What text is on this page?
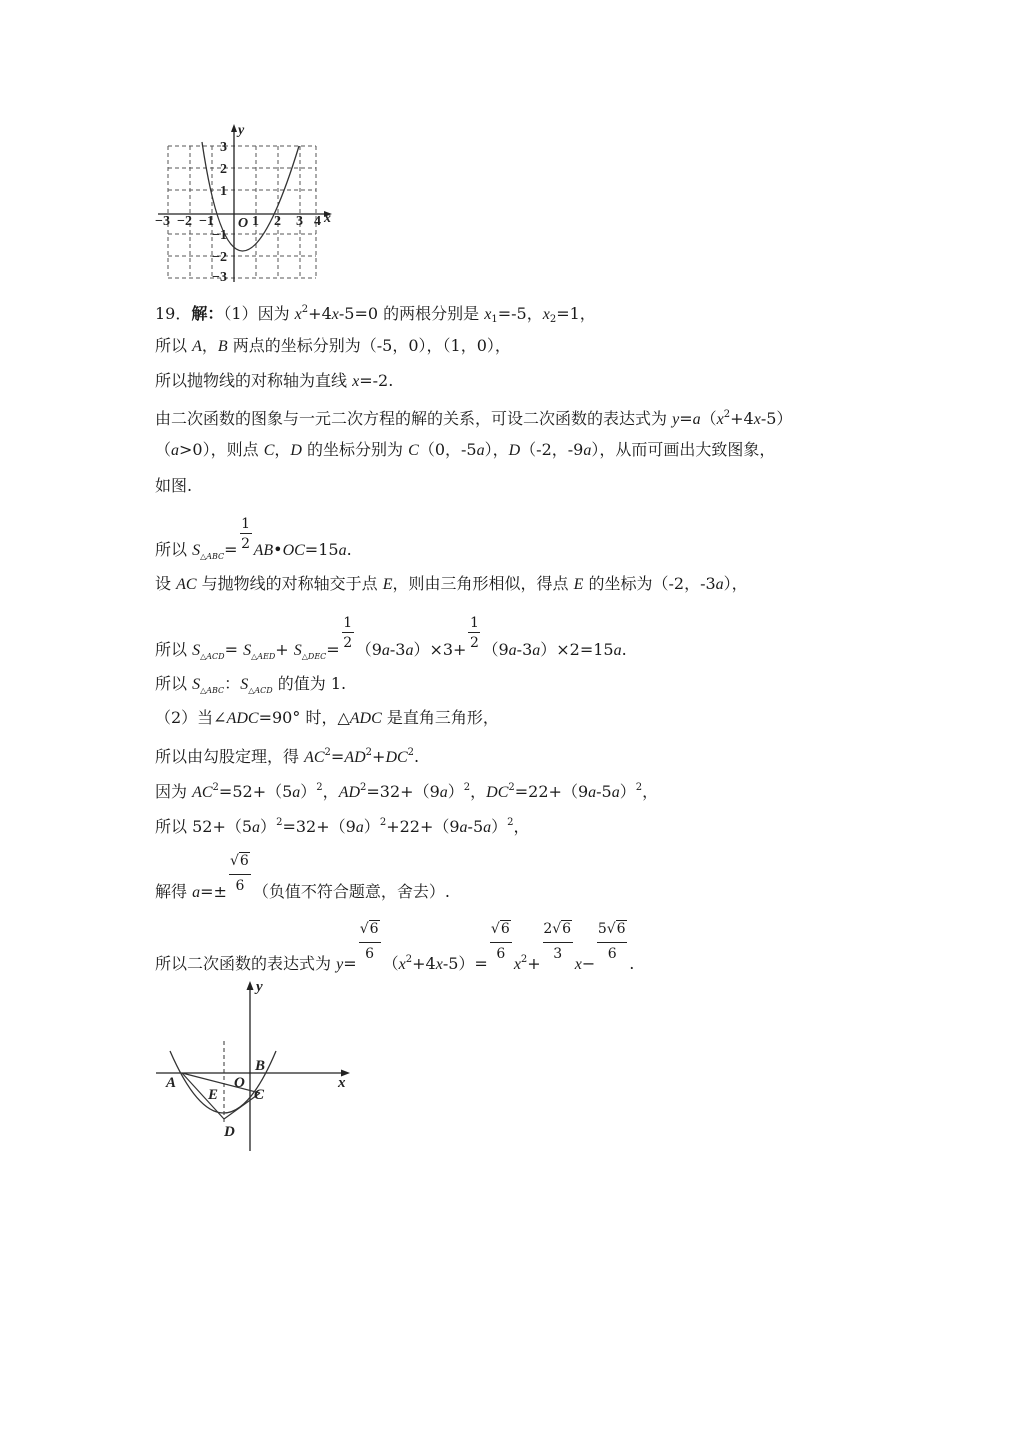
y
x
O
−3 −2 −1	1 2 3 4
3
2
1
−1
−2
−3
19．解：（1）因为 $x^2+4x-5=0$ 的两根分别是 $x_1=-5$，$x_2=1$，
所以 A，B 两点的坐标分别为（-5，0），（1，0），
所以抛物线的对称轴为直线 x=-2.
由二次函数的图象与一元二次方程的解的关系，可设二次函数的表达式为 $y=a(x^2+4x-5)$
（a>0），则点 C，D 的坐标分别为 C（0，-5a），D（-2，-9a），从而可画出大致图象，
如图.
所以 $S_{\triangle ABC}= \frac{1}{2}$ AB•OC=15a.
设 AC 与抛物线的对称轴交于点 E，则由三角形相似，得点 E 的坐标为（-2，-3a），
所以 $S_{\triangle ACD}= S_{\triangle AED}+ S_{\triangle DEC}= \frac{1}{2} (9a-3a)\times 3+ \frac{1}{2} (9a-3a)\times 2=15a$.
所以 $S_{\triangle ABC}$：$S_{\triangle ACD}$ 的值为 1.
（2）当∠ADC=90° 时，△ADC 是直角三角形，
所以由勾股定理，得 $AC^2=AD^2+DC^2$.
因为 $AC^2=52+(5a)^2$，$AD^2=32+(9a)^2$，$DC^2=22+(9a-5a)^2$，
所以 $52+(5a)^2=32+(9a)^2+22+(9a-5a)^2$，
解得 $a=\pm \frac{√6}{6}$ （负值不符合题意，舍去）.
所以二次函数的表达式为 $y= \frac{√6}{6} (x^2+4x-5)= \frac{√6}{6} x^2+ \frac{2√6}{3} x- \frac{5√6}{6}$ .
y
x
A
B
C
D
E
O
